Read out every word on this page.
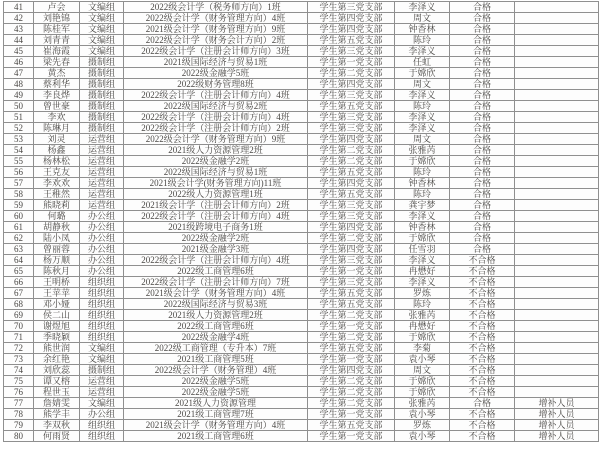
41	卢会	文编组	2022级会计学（税务师方向）1班	学生第三党支部	李泽义	合格	
42	刘艳锦	文编组	2022级会计学（财务管理方向）4班	学生第四党支部	周文	合格	
43	陈桂军	文编组	2021级会计学（财务管理方向）9班	学生第四党支部	钟香林	合格	
44	刘青青	文编组	2022级会计学（财务会计方向）2班	学生第五党支部	陈玲	合格	
45	崔海霞	文编组	2022级会计学（注册会计师方向）3班	学生第三党支部	李泽义	合格	
46	梁先春	摄制组	2021级国际经济与贸易1班	学生第一党支部	任虹	合格	
47	黄杰	摄制组	2022级金融学5班	学生第二党支部	于嫦欣	合格	
48	蔡利华	摄制组	2022级财务管理8班	学生第四党支部	周文	合格	
49	李良烨	摄制组	2022级会计学（注册会计师方向）4班	学生第三党支部	李泽义	合格	
50	曾世豪	摄制组	2022级国际经济与贸易2班	学生第五党支部	陈玲	合格	
51	李欢	摄制组	2022级会计学（注册会计师方向）4班	学生第三党支部	李泽义	合格	
52	陈琳月	摄制组	2022级会计学（注册会计师方向）2班	学生第三党支部	李泽义	合格	
53	刘灵	运营组	2022级会计学（财务管理方向）9班	学生第四党支部	周文	合格	
54	杨鑫	运营组	2021级人力资源管理2班	学生第二党支部	张雅芮	合格	
55	杨林松	运营组	2022级金融学2班	学生第二党支部	于嫦欣	合格	
56	王克友	运营组	2022级国际经济与贸易1班	学生第五党支部	陈玲	合格	
57	李欢欢	运营组	2021级会计学(财务管理方向)11班	学生第四党支部	钟香林	合格	
58	王稚然	运营组	2022级人力资源管理1班	学生第五党支部	陈玲	合格	
59	熊晓莉	运营组	2021级会计学（注册会计师方向）2班	学生第三党支部	龚宇梦	合格	
60	何璐	办公组	2022级会计学（注册会计师方向）4班	学生第三党支部	李泽义	合格	
61	胡静秋	办公组	2021级跨境电子商务1班	学生第四党支部	钟香林	合格	
62	陆小凤	办公组	2022级金融学2班	学生第二党支部	于嫦欣	合格	
63	曾丽蓉	办公组	2021级金融学3班	学生第四党支部	任雪羽	合格	
64	杨万顺	办公组	2022级会计学（注册会计师方向）4班	学生第三党支部	李泽义	不合格	
65	陈秋月	办公组	2022级工商管理6班	学生第一党支部	冉懋好	不合格	
66	王明桥	组织组	2022级会计学（注册会计师方向）7班	学生第三党支部	李泽义	不合格	
67	王苹苹	组织组	2021级会计学（财务管理方向）4班	学生第五党支部	罗炼	不合格	
68	邓小娅	组织组	2022级国际经济与贸易3班	学生第五党支部	陈玲	不合格	
69	侯二山	组织组	2021级人力资源管理2班	学生第二党支部	张雅芮	不合格	
70	谢煜旭	组织组	2022级工商管理6班	学生第一党支部	冉懋好	不合格	
71	季晓颖	组织组	2022级金融学4班	学生第二党支部	于嫦欣	不合格	
72	熊世润	文编组	2022级工商管理（专升本）7班	学生第五党支部	李菊	不合格	
73	余红艳	文编组	2021级工商管理5班	学生第一党支部	袁小琴	不合格	
74	刘欣蕊	摄制组	2022级会计学（财务管理）4班	学生第四党支部	周文	不合格	
75	谭又榕	运营组	2022级金融学5班	学生第二党支部	于嫦欣	不合格	
76	程世玉	运营组	2022级金融学5班	学生第二党支部	于嫦欣	不合格	
77	詹婧雯	文编组	2021级人力资源管理	学生第二党支部	张雅芮	合格	增补人员
78	熊学丰	办公组	2021级工商管理7班	学生第一党支部	袁小琴	不合格	增补人员
79	李双秋	组织组	2021级会计学（财务管理方向）4班	学生第五党支部	罗炼	不合格	增补人员
80	何雨贤	组织组	2021级工商管理6班	学生第一党支部	袁小琴	不合格	增补人员
